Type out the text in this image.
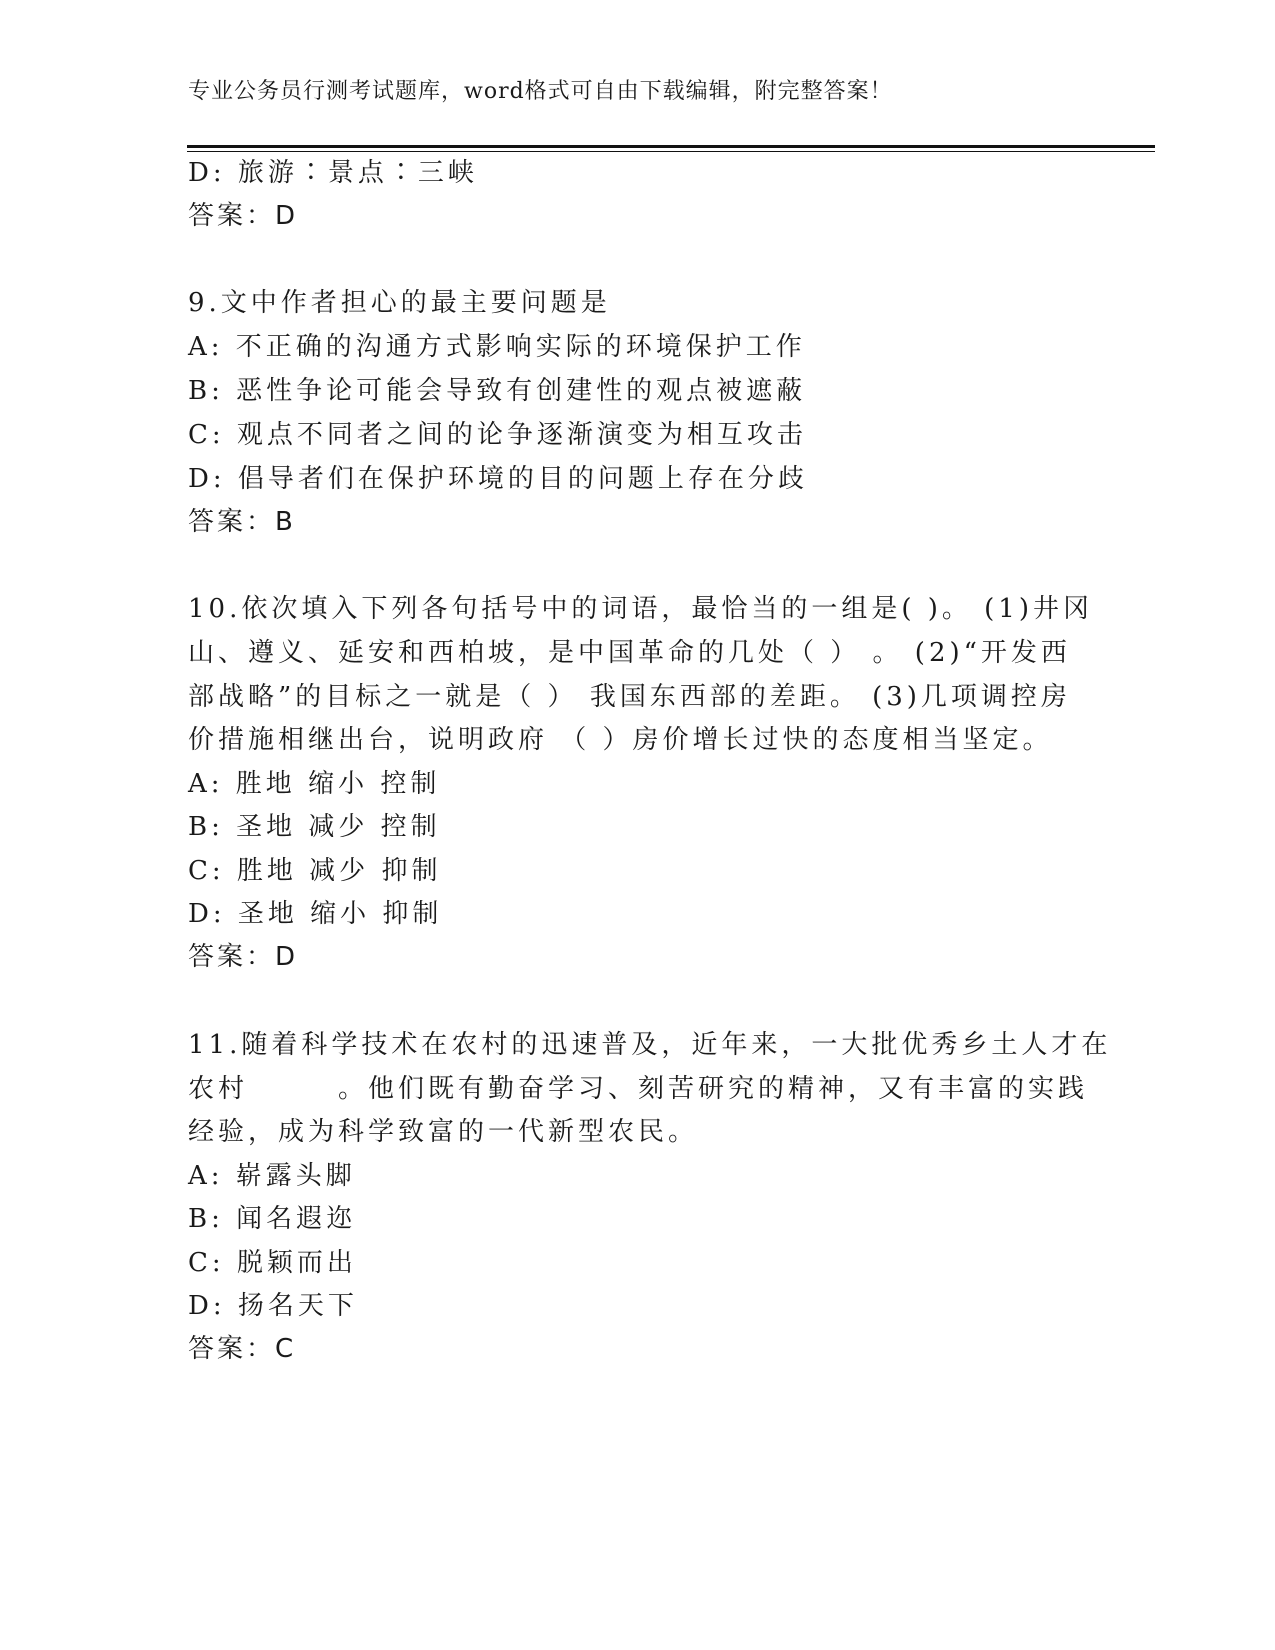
专业公务员行测考试题库，word格式可自由下载编辑，附完整答案！
D: 旅游∶景点∶三峡
答案：D
9.文中作者担心的最主要问题是
A: 不正确的沟通方式影响实际的环境保护工作
B: 恶性争论可能会导致有创建性的观点被遮蔽
C: 观点不同者之间的论争逐渐演变为相互攻击
D: 倡导者们在保护环境的目的问题上存在分歧
答案：B
10.依次填入下列各句括号中的词语，最恰当的一组是( )。 (1)井冈
山、遵义、延安和西柏坡，是中国革命的几处（ ） 。 (2)“开发西
部战略”的目标之一就是（ ） 我国东西部的差距。 (3)几项调控房
价措施相继出台，说明政府 （ ）房价增长过快的态度相当坚定。
A: 胜地 缩小 控制
B: 圣地 减少 控制
C: 胜地 减少 抑制
D: 圣地 缩小 抑制
答案：D
11.随着科学技术在农村的迅速普及，近年来，一大批优秀乡土人才在
农村　　　。他们既有勤奋学习、刻苦研究的精神，又有丰富的实践
经验，成为科学致富的一代新型农民。
A: 崭露头脚
B: 闻名遐迩
C: 脱颖而出
D: 扬名天下
答案：C
